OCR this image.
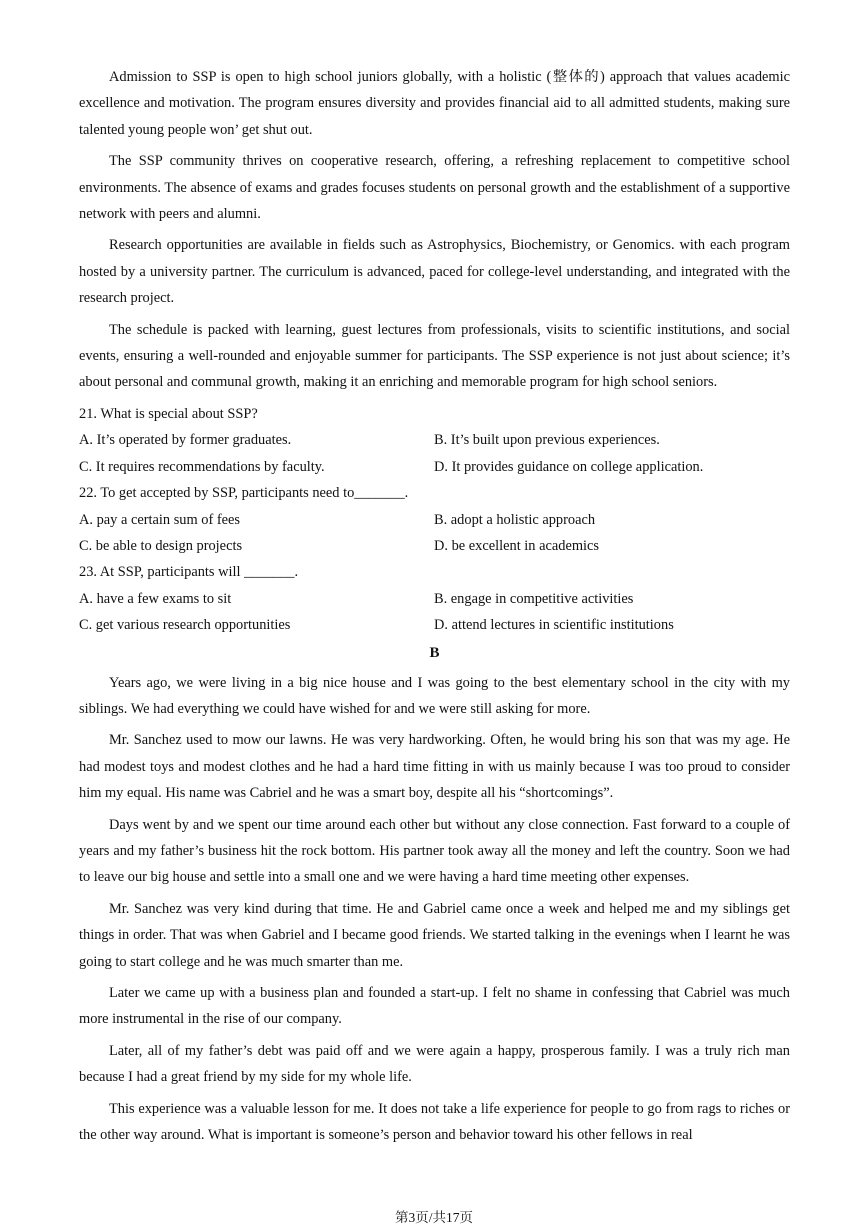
Admission to SSP is open to high school juniors globally, with a holistic (整体的) approach that values academic excellence and motivation. The program ensures diversity and provides financial aid to all admitted students, making sure talented young people won’ get shut out.

The SSP community thrives on cooperative research, offering, a refreshing replacement to competitive school environments. The absence of exams and grades focuses students on personal growth and the establishment of a supportive network with peers and alumni.

Research opportunities are available in fields such as Astrophysics, Biochemistry, or Genomics. with each program hosted by a university partner. The curriculum is advanced, paced for college-level understanding, and integrated with the research project.

The schedule is packed with learning, guest lectures from professionals, visits to scientific institutions, and social events, ensuring a well-rounded and enjoyable summer for participants. The SSP experience is not just about science; it’s about personal and communal growth, making it an enriching and memorable program for high school seniors.

21. What is special about SSP?

A. It’s operated by former graduates.	B. It’s built upon previous experiences.

C. It requires recommendations by faculty.	D. It provides guidance on college application.

22. To get accepted by SSP, participants need to_______.

A. pay a certain sum of fees	B. adopt a holistic approach

C. be able to design projects	D. be excellent in academics

23. At SSP, participants will _______.

A. have a few exams to sit	B. engage in competitive activities

C. get various research opportunities	D. attend lectures in scientific institutions

B

Years ago, we were living in a big nice house and I was going to the best elementary school in the city with my siblings. We had everything we could have wished for and we were still asking for more.

Mr. Sanchez used to mow our lawns. He was very hardworking. Often, he would bring his son that was my age. He had modest toys and modest clothes and he had a hard time fitting in with us mainly because I was too proud to consider him my equal. His name was Cabriel and he was a smart boy, despite all his “shortcomings”.

Days went by and we spent our time around each other but without any close connection. Fast forward to a couple of years and my father’s business hit the rock bottom. His partner took away all the money and left the country. Soon we had to leave our big house and settle into a small one and we were having a hard time meeting other expenses.

Mr. Sanchez was very kind during that time. He and Gabriel came once a week and helped me and my siblings get things in order. That was when Gabriel and I became good friends. We started talking in the evenings when I learnt he was going to start college and he was much smarter than me.

Later we came up with a business plan and founded a start-up. I felt no shame in confessing that Cabriel was much more instrumental in the rise of our company.

Later, all of my father’s debt was paid off and we were again a happy, prosperous family. I was a truly rich man because I had a great friend by my side for my whole life.

This experience was a valuable lesson for me. It does not take a life experience for people to go from rags to riches or the other way around. What is important is someone’s person and behavior toward his other fellows in real

第3页/共17页
